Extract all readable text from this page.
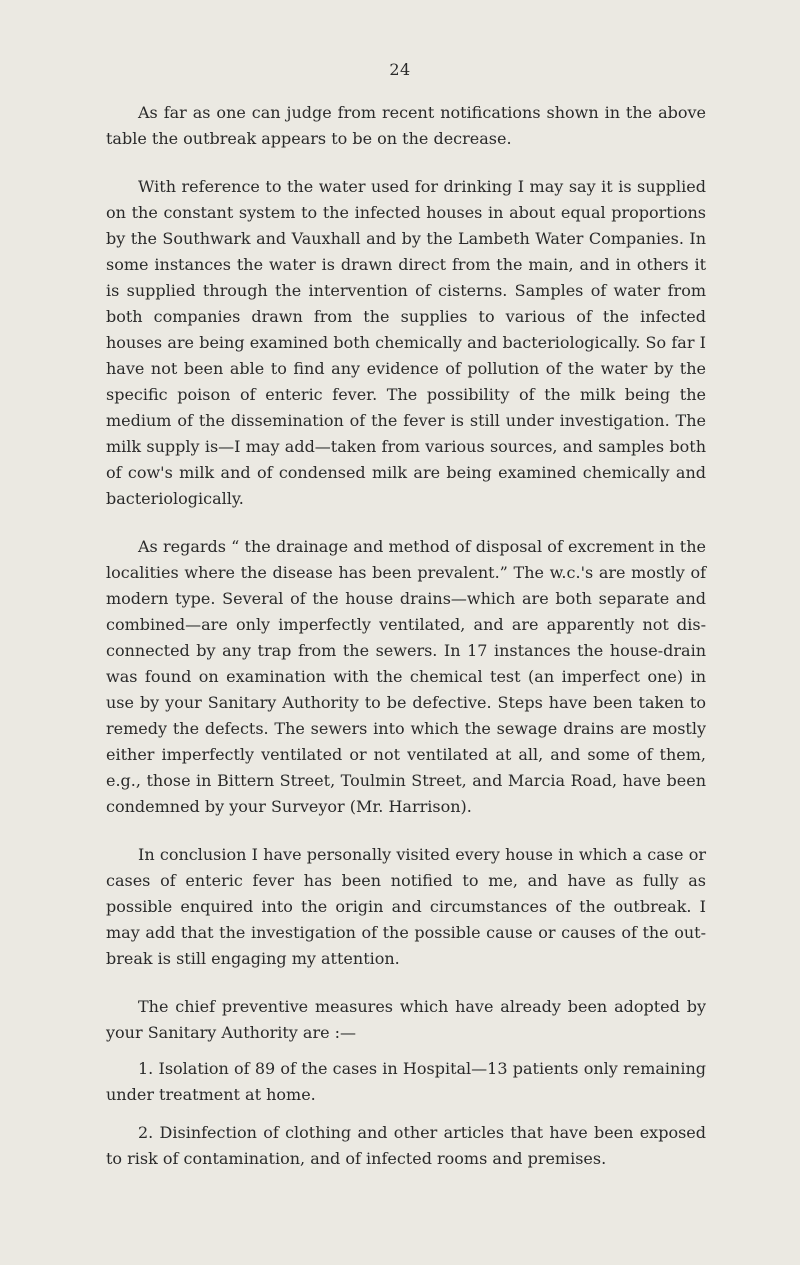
24

As far as one can judge from recent notifications shown in the above table the outbreak appears to be on the decrease.

With reference to the water used for drinking I may say it is supplied on the constant system to the infected houses in about equal proportions by the Southwark and Vauxhall and by the Lambeth Water Companies. In some instances the water is drawn direct from the main, and in others it is supplied through the intervention of cisterns. Samples of water from both companies drawn from the supplies to various of the infected houses are being examined both chemically and bacteriologically. So far I have not been able to find any evidence of pollution of the water by the specific poison of enteric fever. The possibility of the milk being the medium of the dissemination of the fever is still under investigation. The milk supply is—I may add—taken from various sources, and samples both of cow's milk and of condensed milk are being examined chemically and bacteriologically.

As regards “ the drainage and method of disposal of excrement in the localities where the disease has been prevalent.” The w.c.'s are mostly of modern type. Several of the house drains—which are both separate and combined—are only imperfectly ventilated, and are apparently not disconnected by any trap from the sewers. In 17 instances the house-drain was found on examination with the chemical test (an imperfect one) in use by your Sanitary Authority to be defective. Steps have been taken to remedy the defects. The sewers into which the sewage drains are mostly either imperfectly ventilated or not ventilated at all, and some of them, e.g., those in Bittern Street, Toulmin Street, and Marcia Road, have been condemned by your Surveyor (Mr. Harrison).

In conclusion I have personally visited every house in which a case or cases of enteric fever has been notified to me, and have as fully as possible enquired into the origin and circumstances of the outbreak. I may add that the investigation of the possible cause or causes of the outbreak is still engaging my attention.

The chief preventive measures which have already been adopted by your Sanitary Authority are :—

1. Isolation of 89 of the cases in Hospital—13 patients only remaining under treatment at home.

2. Disinfection of clothing and other articles that have been exposed to risk of contamination, and of infected rooms and premises.
